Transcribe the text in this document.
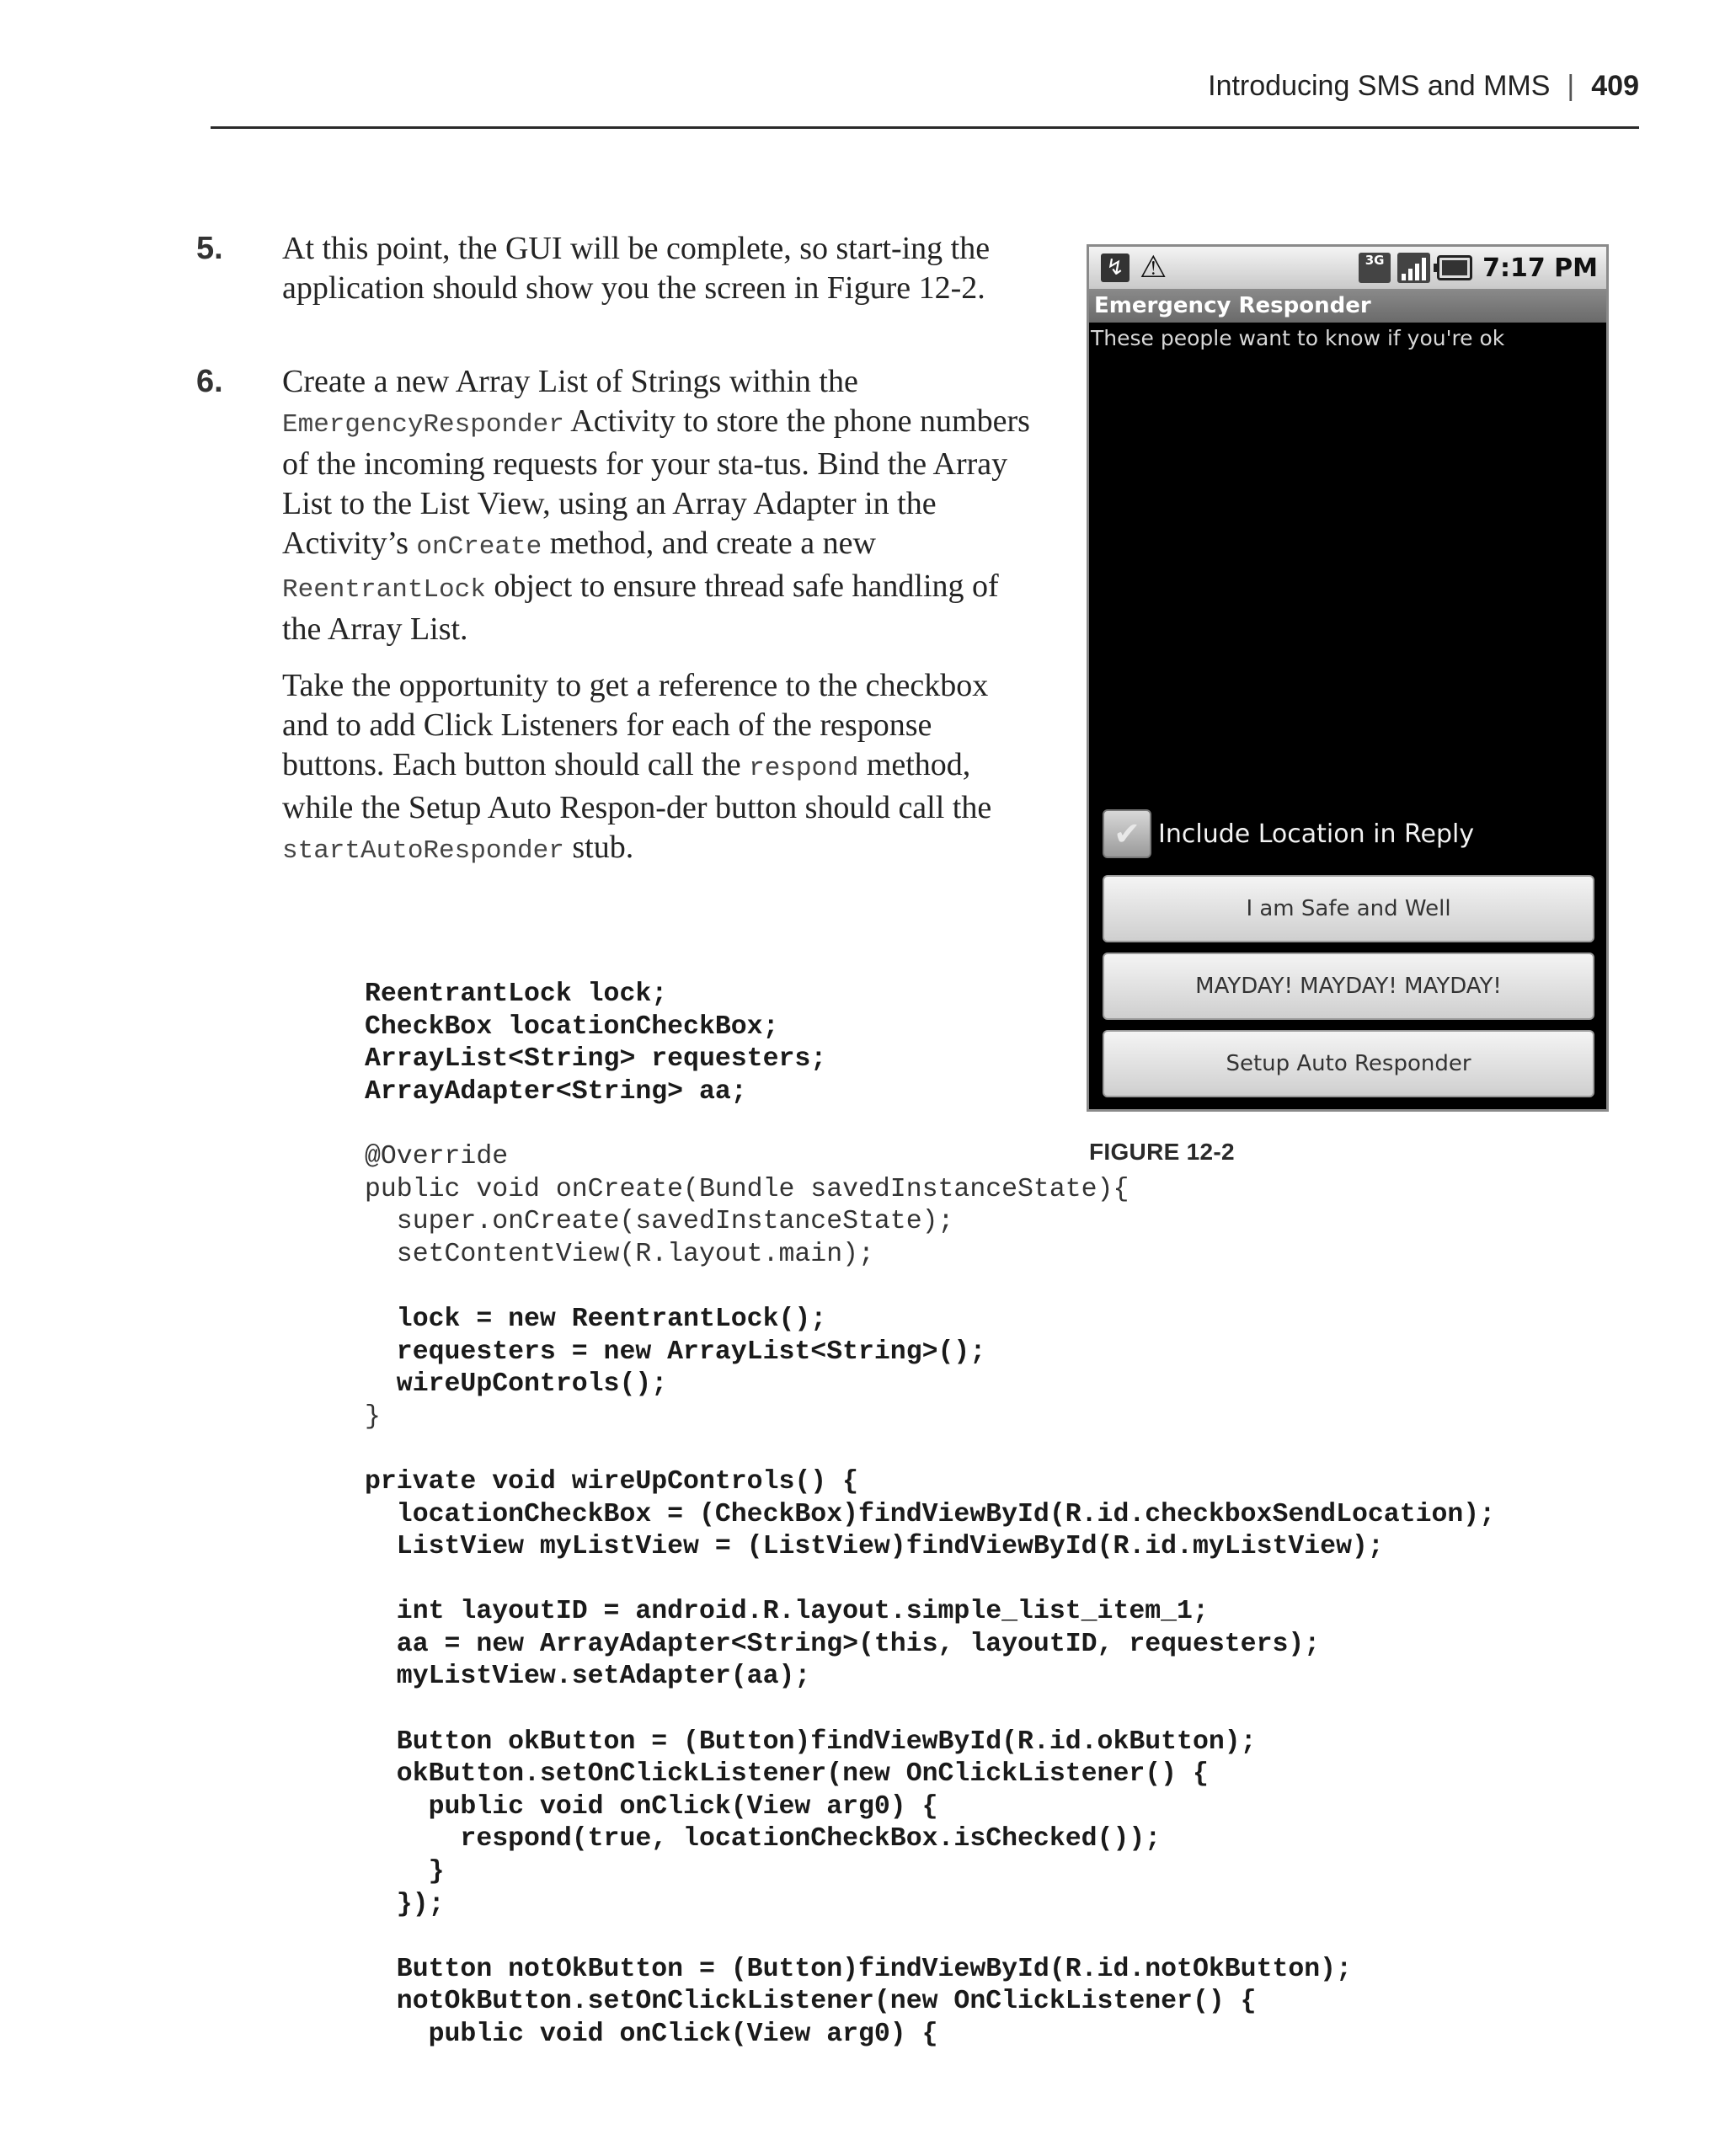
Introducing SMS and MMS | 409
5. At this point, the GUI will be complete, so start-ing the application should show you the screen in Figure 12-2.

6. Create a new Array List of Strings within the EmergencyResponder Activity to store the phone numbers of the incoming requests for your sta-tus. Bind the Array List to the List View, using an Array Adapter in the Activity’s onCreate method, and create a new ReentrantLock object to ensure thread safe handling of the Array List.

Take the opportunity to get a reference to the checkbox and to add Click Listeners for each of the response buttons. Each button should call the respond method, while the Setup Auto Respon-der button should call the startAutoResponder stub.

ReentrantLock lock;
CheckBox locationCheckBox;
ArrayList<String> requesters;
ArrayAdapter<String> aa;
@Override
public void onCreate(Bundle savedInstanceState){
super.onCreate(savedInstanceState);
setContentView(R.layout.main);
lock = new ReentrantLock();
requesters = new ArrayList<String>();
wireUpControls();
}
private void wireUpControls() {
locationCheckBox = (CheckBox)findViewById(R.id.checkboxSendLocation);
ListView myListView = (ListView)findViewById(R.id.myListView);
int layoutID = android.R.layout.simple_list_item_1;
aa = new ArrayAdapter<String>(this, layoutID, requesters);
myListView.setAdapter(aa);
Button okButton = (Button)findViewById(R.id.okButton);
okButton.setOnClickListener(new OnClickListener() {
public void onClick(View arg0) {
respond(true, locationCheckBox.isChecked());
}
});
Button notOkButton = (Button)findViewById(R.id.notOkButton);
notOkButton.setOnClickListener(new OnClickListener() {
public void onClick(View arg0) {
↯ ⚠	3G	7:17 PM
Emergency Responder
These people want to know if you're ok
✔ Include Location in Reply
I am Safe and Well
MAYDAY! MAYDAY! MAYDAY!
Setup Auto Responder
FIGURE 12-2
